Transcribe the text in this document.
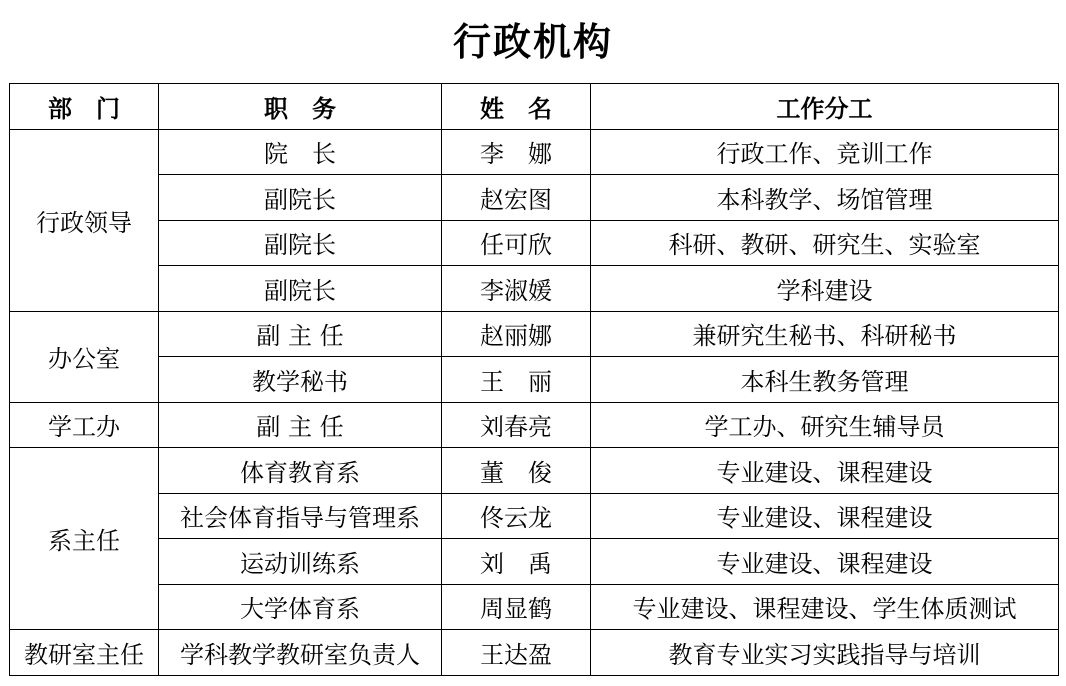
行政机构
部　门	职　务	姓　名	工作分工
行政领导	院　长	李　娜	行政工作、竞训工作
	副院长	赵宏图	本科教学、场馆管理
	副院长	任可欣	科研、教研、研究生、实验室
	副院长	李淑媛	学科建设
办公室	副 主 任	赵丽娜	兼研究生秘书、科研秘书
	教学秘书	王　丽	本科生教务管理
学工办	副 主 任	刘春亮	学工办、研究生辅导员
系主任	体育教育系	董　俊	专业建设、课程建设
	社会体育指导与管理系	佟云龙	专业建设、课程建设
	运动训练系	刘　禹	专业建设、课程建设
	大学体育系	周显鹤	专业建设、课程建设、学生体质测试
教研室主任	学科教学教研室负责人	王达盈	教育专业实习实践指导与培训
